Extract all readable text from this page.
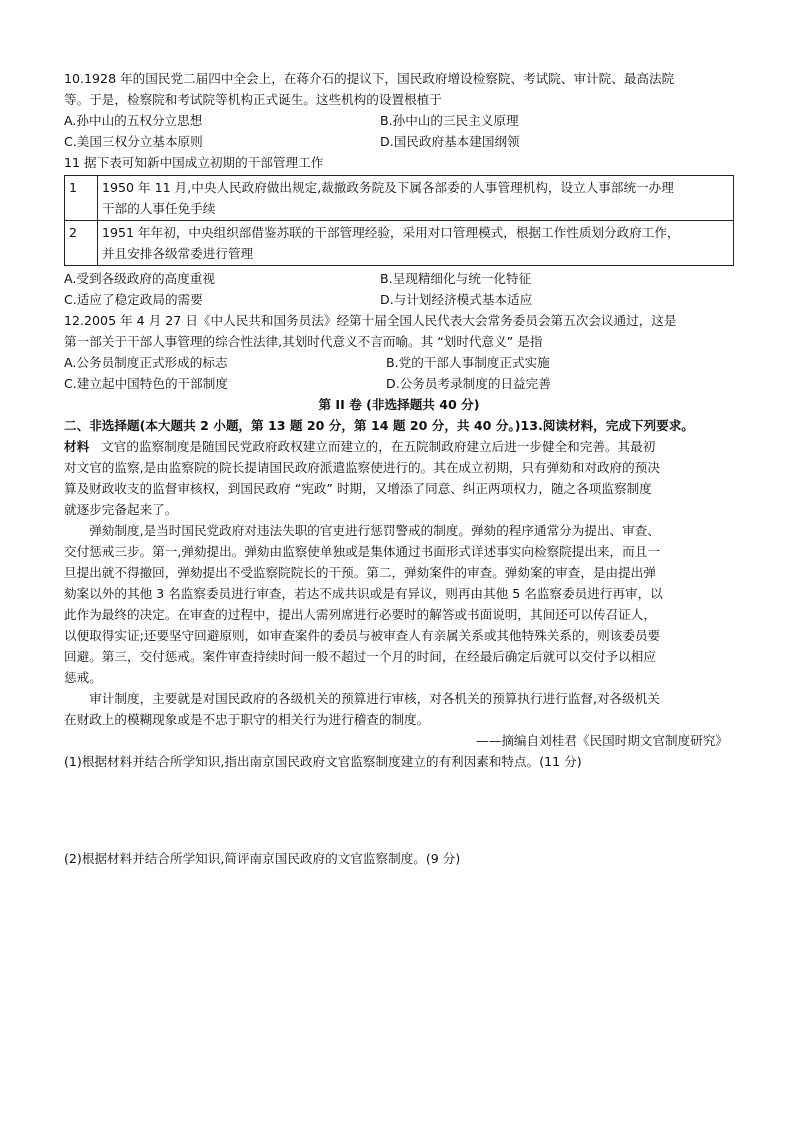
10.1928 年的国民党二届四中全会上，在蒋介石的提议下，国民政府增设检察院、考试院、审计院、最高法院

等。于是，检察院和考试院等机构正式诞生。这些机构的设置根植于

A.孙中山的五权分立思想	B.孙中山的三民主义原理
C.美国三权分立基本原则	D.国民政府基本建国纲领

11 据下表可知新中国成立初期的干部管理工作

1	1950 年 11 月,中央人民政府做出规定,裁撤政务院及下属各部委的人事管理机构，设立人事部统一办理
干部的人事任免手续

2	1951 年年初，中央组织部借鉴苏联的干部管理经验，采用对口管理模式，根据工作性质划分政府工作，
并且安排各级常委进行管理
A.受到各级政府的高度重视	B.呈现精细化与统一化特征
C.适应了稳定政局的需要	D.与计划经济模式基本适应

12.2005 年 4 月 27 日《中人民共和国务员法》经第十届全国人民代表大会常务委员会第五次会议通过，这是

第一部关于干部人事管理的综合性法律,其划时代意义不言而喻。其 “划时代意义” 是指

A.公务员制度正式形成的标志	B.党的干部人事制度正式实施
C.建立起中国特色的干部制度	D.公务员考录制度的日益完善

第 II 卷 (非选择题共 40 分)

二、非选择题(本大题共 2 小题，第 13 题 20 分，第 14 题 20 分，共 40 分。)13.阅读材料，完成下列要求。

材料 文官的监察制度是随国民党政府政权建立而建立的，在五院制政府建立后进一步健全和完善。其最初

对文官的监察,是由监察院的院长提请国民政府派遣监察使进行的。其在成立初期，只有弹劾和对政府的预决

算及财政收支的监督审核权，到国民政府 “宪政” 时期，又增添了同意、纠正两项权力，随之各项监察制度

就逐步完备起来了。

弹劾制度,是当时国民党政府对违法失职的官吏进行惩罚警戒的制度。弹劾的程序通常分为提出、审查、

交付惩戒三步。第一,弹劾提出。弹劾由监察使单独或是集体通过书面形式详述事实向检察院提出来，而且一

旦提出就不得撤回，弹劾提出不受监察院院长的干预。第二，弹劾案件的审查。弹劾案的审查，是由提出弹

劾案以外的其他 3 名监察委员进行审查，若达不成共识或是有异议，则再由其他 5 名监察委员进行再审，以

此作为最终的决定。在审查的过程中，提出人需列席进行必要时的解答或书面说明，其间还可以传召证人，

以便取得实证;还要坚守回避原则，如审查案件的委员与被审查人有亲属关系或其他特殊关系的，则该委员要

回避。第三，交付惩戒。案件审查持续时间一般不超过一个月的时间，在经最后确定后就可以交付予以相应

惩戒。

审计制度，主要就是对国民政府的各级机关的预算进行审核，对各机关的预算执行进行监督,对各级机关

在财政上的模糊现象或是不忠于职守的相关行为进行稽查的制度。

——摘编自刘桂君《民国时期文官制度研究》

(1)根据材料并结合所学知识,指出南京国民政府文官监察制度建立的有利因素和特点。(11 分)

(2)根据材料并结合所学知识,简评南京国民政府的文官监察制度。(9 分)
